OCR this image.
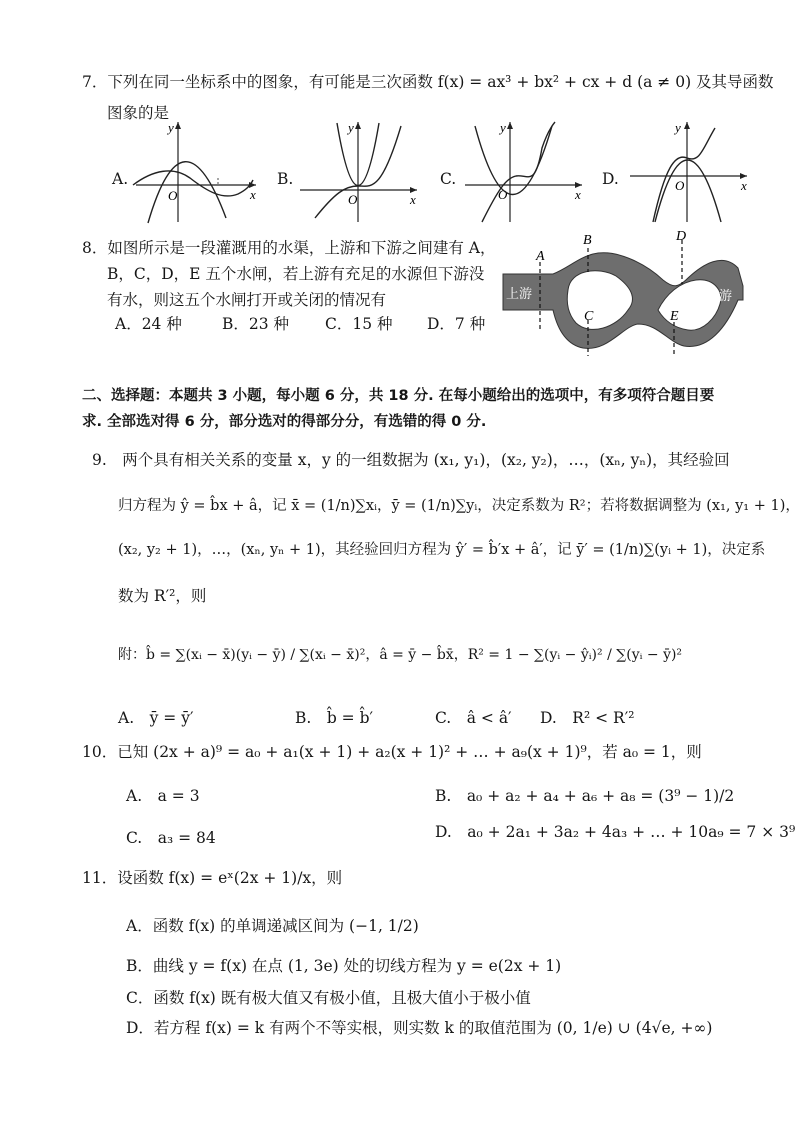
7．下列在同一坐标系中的图象，有可能是三次函数 f(x) = ax³ + bx² + cx + d (a ≠ 0) 及其导函数
图象的是
A.
y
x
O
B.
y
x
O
C.
y
x
O
D.
y
x
O
8．如图所示是一段灌溉用的水渠，上游和下游之间建有 A，
B，C，D，E 五个水闸，若上游有充足的水源但下游没
有水，则这五个水闸打开或关闭的情况有
A．24 种	B．23 种 C．15 种 D．7 种
A
B
C
D
E
上游	下游
二、选择题：本题共 3 小题，每小题 6 分，共 18 分. 在每小题给出的选项中，有多项符合题目要
求. 全部选对得 6 分，部分选对的得部分分，有选错的得 0 分.
9.　两个具有相关关系的变量 x，y 的一组数据为 (x₁, y₁)，(x₂, y₂)，…，(xₙ, yₙ)，其经验回
归方程为 ŷ = b̂x + â，记 x̄ = (1/n)∑xᵢ，ȳ = (1/n)∑yᵢ，决定系数为 R²；若将数据调整为 (x₁, y₁ + 1)，
(x₂, y₂ + 1)，…，(xₙ, yₙ + 1)，其经验回归方程为 ŷ′ = b̂′x + â′，记 ȳ′ = (1/n)∑(yᵢ + 1)，决定系
数为 R′²，则
附：b̂ = ∑(xᵢ − x̄)(yᵢ − ȳ) / ∑(xᵢ − x̄)²，â = ȳ − b̂x̄，R² = 1 − ∑(yᵢ − ŷᵢ)² / ∑(yᵢ − ȳ)²
A.　ȳ = ȳ′	B.　b̂ = b̂′	C.　â < â′ D.　R² < R′²
10．已知 (2x + a)⁹ = a₀ + a₁(x + 1) + a₂(x + 1)² + … + a₉(x + 1)⁹，若 a₀ = 1，则
A.　a = 3	B.　a₀ + a₂ + a₄ + a₆ + a₈ = (3⁹ − 1)/2
C.　a₃ = 84	D.　a₀ + 2a₁ + 3a₂ + 4a₃ + … + 10a₉ = 7 × 3⁹
11．设函数 f(x) = eˣ(2x + 1)/x，则
A．函数 f(x) 的单调递减区间为 (−1, 1/2)
B．曲线 y = f(x) 在点 (1, 3e) 处的切线方程为 y = e(2x + 1)
C．函数 f(x) 既有极大值又有极小值，且极大值小于极小值
D．若方程 f(x) = k 有两个不等实根，则实数 k 的取值范围为 (0, 1/e) ∪ (4√e, +∞)
